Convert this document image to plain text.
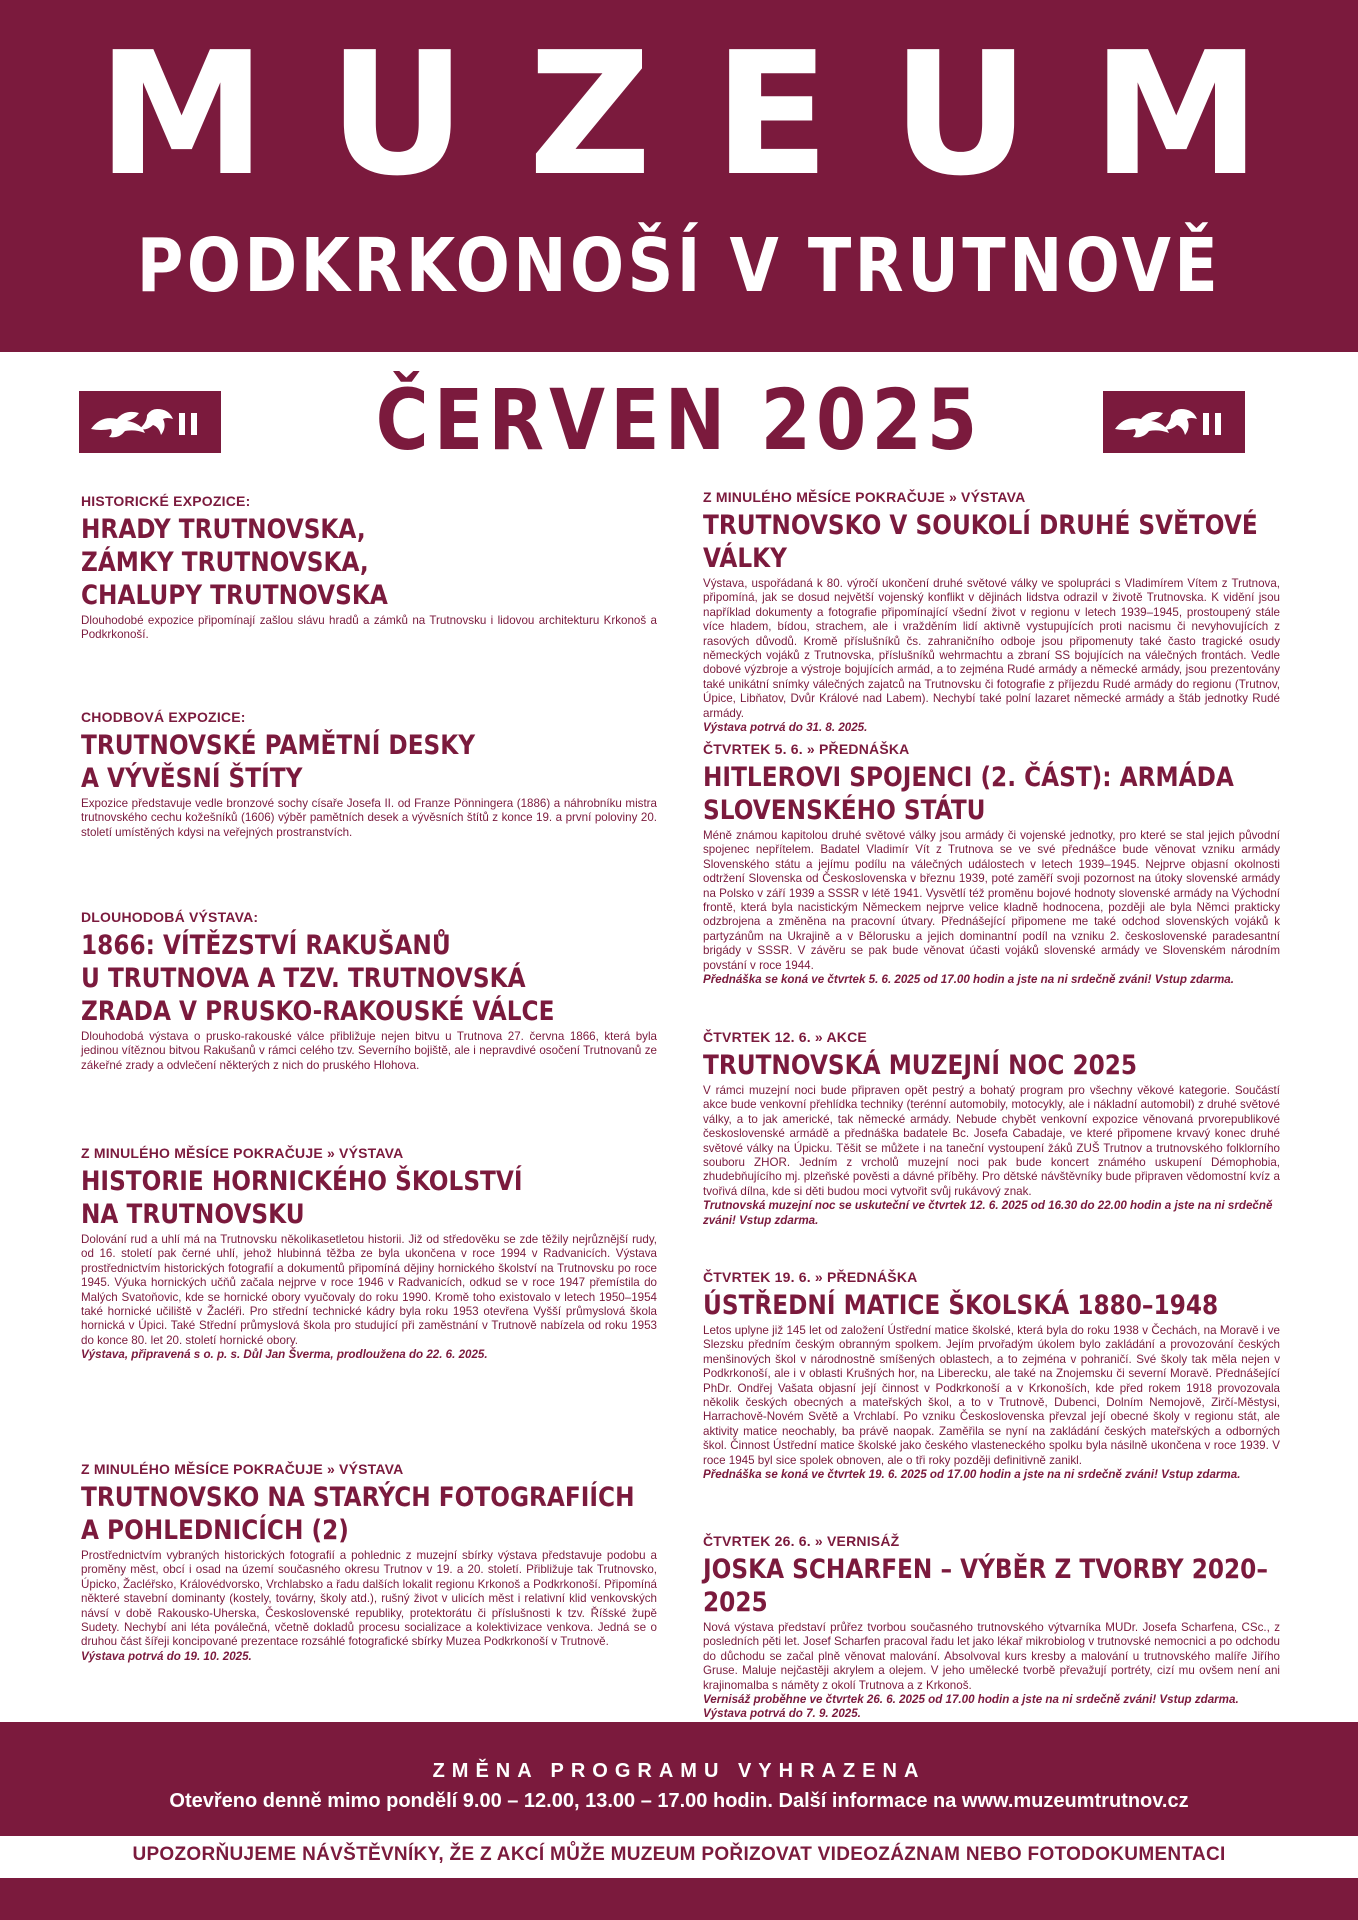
MUZEUM
PODKRKONOŠÍ V TRUTNOVĚ
ČERVEN 2025
HISTORICKÉ EXPOZICE:
HRADY TRUTNOVSKA,
ZÁMKY TRUTNOVSKA,
CHALUPY TRUTNOVSKA
Dlouhodobé expozice připomínají zašlou slávu hradů a zámků na Trutnovsku i lidovou architekturu Krkonoš a Podkrkonoší.
CHODBOVÁ EXPOZICE:
TRUTNOVSKÉ PAMĚTNÍ DESKY
A VÝVĚSNÍ ŠTÍTY
Expozice představuje vedle bronzové sochy císaře Josefa II. od Franze Pönningera (1886) a náhrobníku mistra trutnovského cechu kožešníků (1606) výběr pamětních desek a vývěsních štítů z konce 19. a první poloviny 20. století umístěných kdysi na veřejných prostranstvích.
DLOUHODOBÁ VÝSTAVA:
1866: VÍTĚZSTVÍ RAKUŠANŮ
U TRUTNOVA A TZV. TRUTNOVSKÁ
ZRADA V PRUSKO-RAKOUSKÉ VÁLCE
Dlouhodobá výstava o prusko-rakouské válce přibližuje nejen bitvu u Trutnova 27. června 1866, která byla jedinou vítěznou bitvou Rakušanů v rámci celého tzv. Severního bojiště, ale i nepravdivé osočení Trutnovanů ze zákeřné zrady a odvlečení některých z nich do pruského Hlohova.
Z MINULÉHO MĚSÍCE POKRAČUJE » VÝSTAVA
HISTORIE HORNICKÉHO ŠKOLSTVÍ
NA TRUTNOVSKU
Dolování rud a uhlí má na Trutnovsku několikasetletou historii. Již od středověku se zde těžily nejrůznější rudy, od 16. století pak černé uhlí, jehož hlubinná těžba ze byla ukončena v roce 1994 v Radvanicích. Výstava prostřednictvím historických fotografií a dokumentů připomíná dějiny hornického školství na Trutnovsku po roce 1945. Výuka hornických učňů začala nejprve v roce 1946 v Radvanicích, odkud se v roce 1947 přemístila do Malých Svatoňovic, kde se hornické obory vyučovaly do roku 1990. Kromě toho existovalo v letech 1950–1954 také hornické učiliště v Žacléři. Pro střední technické kádry byla roku 1953 otevřena Vyšší průmyslová škola hornická v Úpici. Také Střední průmyslová škola pro studující při zaměstnání v Trutnově nabízela od roku 1953 do konce 80. let 20. století hornické obory.
Výstava, připravená s o. p. s. Důl Jan Šverma, prodloužena do 22. 6. 2025.
Z MINULÉHO MĚSÍCE POKRAČUJE » VÝSTAVA
TRUTNOVSKO NA STARÝCH FOTOGRAFIÍCH
A POHLEDNICÍCH (2)
Prostřednictvím vybraných historických fotografií a pohlednic z muzejní sbírky výstava představuje podobu a proměny měst, obcí i osad na území současného okresu Trutnov v 19. a 20. století. Přibližuje tak Trutnovsko, Úpicko, Žacléřsko, Královédvorsko, Vrchlabsko a řadu dalších lokalit regionu Krkonoš a Podkrkonoší. Připomíná některé stavební dominanty (kostely, továrny, školy atd.), rušný život v ulicích měst i relativní klid venkovských návsí v době Rakousko-Uherska, Československé republiky, protektorátu či příslušnosti k tzv. Říšské župě Sudety. Nechybí ani léta poválečná, včetně dokladů procesu socializace a kolektivizace venkova. Jedná se o druhou část šířeji koncipované prezentace rozsáhlé fotografické sbírky Muzea Podkrkonoší v Trutnově.
Výstava potrvá do 19. 10. 2025.
Z MINULÉHO MĚSÍCE POKRAČUJE » VÝSTAVA
TRUTNOVSKO V SOUKOLÍ DRUHÉ SVĚTOVÉ VÁLKY
Výstava, uspořádaná k 80. výročí ukončení druhé světové války ve spolupráci s Vladimírem Vítem z Trutnova, připomíná, jak se dosud největší vojenský konflikt v dějinách lidstva odrazil v životě Trutnovska. K vidění jsou například dokumenty a fotografie připomínající všední život v regionu v letech 1939–1945, prostoupený stále více hladem, bídou, strachem, ale i vražděním lidí aktivně vystupujících proti nacismu či nevyhovujících z rasových důvodů. Kromě příslušníků čs. zahraničního odboje jsou připomenuty také často tragické osudy německých vojáků z Trutnovska, příslušníků wehrmachtu a zbraní SS bojujících na válečných frontách. Vedle dobové výzbroje a výstroje bojujících armád, a to zejména Rudé armády a německé armády, jsou prezentovány také unikátní snímky válečných zajatců na Trutnovsku či fotografie z příjezdu Rudé armády do regionu (Trutnov, Úpice, Libňatov, Dvůr Králové nad Labem). Nechybí také polní lazaret německé armády a štáb jednotky Rudé armády.
Výstava potrvá do 31. 8. 2025.
ČTVRTEK 5. 6. » PŘEDNÁŠKA
HITLEROVI SPOJENCI (2. ČÁST): ARMÁDA
SLOVENSKÉHO STÁTU
Méně známou kapitolou druhé světové války jsou armády či vojenské jednotky, pro které se stal jejich původní spojenec nepřítelem. Badatel Vladimír Vít z Trutnova se ve své přednášce bude věnovat vzniku armády Slovenského státu a jejímu podílu na válečných událostech v letech 1939–1945. Nejprve objasní okolnosti odtržení Slovenska od Československa v březnu 1939, poté zaměří svoji pozornost na útoky slovenské armády na Polsko v září 1939 a SSSR v létě 1941. Vysvětlí též proměnu bojové hodnoty slovenské armády na Východní frontě, která byla nacistickým Německem nejprve velice kladně hodnocena, později ale byla Němci prakticky odzbrojena a změněna na pracovní útvary. Přednášející připomene me také odchod slovenských vojáků k partyzánům na Ukrajině a v Bělorusku a jejich dominantní podíl na vzniku 2. československé paradesantní brigády v SSSR. V závěru se pak bude věnovat účasti vojáků slovenské armády ve Slovenském národním povstání v roce 1944.
Přednáška se koná ve čtvrtek 5. 6. 2025 od 17.00 hodin a jste na ni srdečně zváni! Vstup zdarma.
ČTVRTEK 12. 6. » AKCE
TRUTNOVSKÁ MUZEJNÍ NOC 2025
V rámci muzejní noci bude připraven opět pestrý a bohatý program pro všechny věkové kategorie. Součástí akce bude venkovní přehlídka techniky (terénní automobily, motocykly, ale i nákladní automobil) z druhé světové války, a to jak americké, tak německé armády. Nebude chybět venkovní expozice věnovaná prvorepublikové československé armádě a přednáška badatele Bc. Josefa Cabadaje, ve které připomene krvavý konec druhé světové války na Úpicku. Těšit se můžete i na taneční vystoupení žáků ZUŠ Trutnov a trutnovského folklorního souboru ZHOR. Jedním z vrcholů muzejní noci pak bude koncert známého uskupení Démophobia, zhudebňujícího mj. plzeňské pověsti a dávné příběhy. Pro dětské návštěvníky bude připraven vědomostní kvíz a tvořivá dílna, kde si děti budou moci vytvořit svůj rukávový znak.
Trutnovská muzejní noc se uskuteční ve čtvrtek 12. 6. 2025 od 16.30 do 22.00 hodin a jste na ni srdečně zváni! Vstup zdarma.
ČTVRTEK 19. 6. » PŘEDNÁŠKA
ÚSTŘEDNÍ MATICE ŠKOLSKÁ 1880–1948
Letos uplyne již 145 let od založení Ústřední matice školské, která byla do roku 1938 v Čechách, na Moravě i ve Slezsku předním českým obranným spolkem. Jejím prvořadým úkolem bylo zakládání a provozování českých menšinových škol v národnostně smíšených oblastech, a to zejména v pohraničí. Své školy tak měla nejen v Podkrkonoší, ale i v oblasti Krušných hor, na Liberecku, ale také na Znojemsku či severní Moravě. Přednášející PhDr. Ondřej Vašata objasní její činnost v Podkrkonoší a v Krkonoších, kde před rokem 1918 provozovala několik českých obecných a mateřských škol, a to v Trutnově, Dubenci, Dolním Nemojově, Zirčí-Městysi, Harrachově-Novém Světě a Vrchlabí. Po vzniku Československa převzal její obecné školy v regionu stát, ale aktivity matice neochably, ba právě naopak. Zaměřila se nyní na zakládání českých mateřských a odborných škol. Činnost Ústřední matice školské jako českého vlasteneckého spolku byla násilně ukončena v roce 1939. V roce 1945 byl sice spolek obnoven, ale o tři roky později definitivně zanikl.
Přednáška se koná ve čtvrtek 19. 6. 2025 od 17.00 hodin a jste na ni srdečně zváni! Vstup zdarma.
ČTVRTEK 26. 6. » VERNISÁŽ
JOSKA SCHARFEN – VÝBĚR Z TVORBY 2020–2025
Nová výstava představí průřez tvorbou současného trutnovského výtvarníka MUDr. Josefa Scharfena, CSc., z posledních pěti let. Josef Scharfen pracoval řadu let jako lékař mikrobiolog v trutnovské nemocnici a po odchodu do důchodu se začal plně věnovat malování. Absolvoval kurs kresby a malování u trutnovského malíře Jiřího Gruse. Maluje nejčastěji akrylem a olejem. V jeho umělecké tvorbě převažují portréty, cizí mu ovšem není ani krajinomalba s náměty z okolí Trutnova a z Krkonoš.
Vernisáž proběhne ve čtvrtek 26. 6. 2025 od 17.00 hodin a jste na ni srdečně zváni! Vstup zdarma. Výstava potrvá do 7. 9. 2025.
ZMĚNA PROGRAMU VYHRAZENA
Otevřeno denně mimo pondělí 9.00 – 12.00, 13.00 – 17.00 hodin. Další informace na www.muzeumtrutnov.cz
UPOZORŇUJEME NÁVŠTĚVNÍKY, ŽE Z AKCÍ MŮŽE MUZEUM POŘIZOVAT VIDEOZÁZNAM NEBO FOTODOKUMENTACI
